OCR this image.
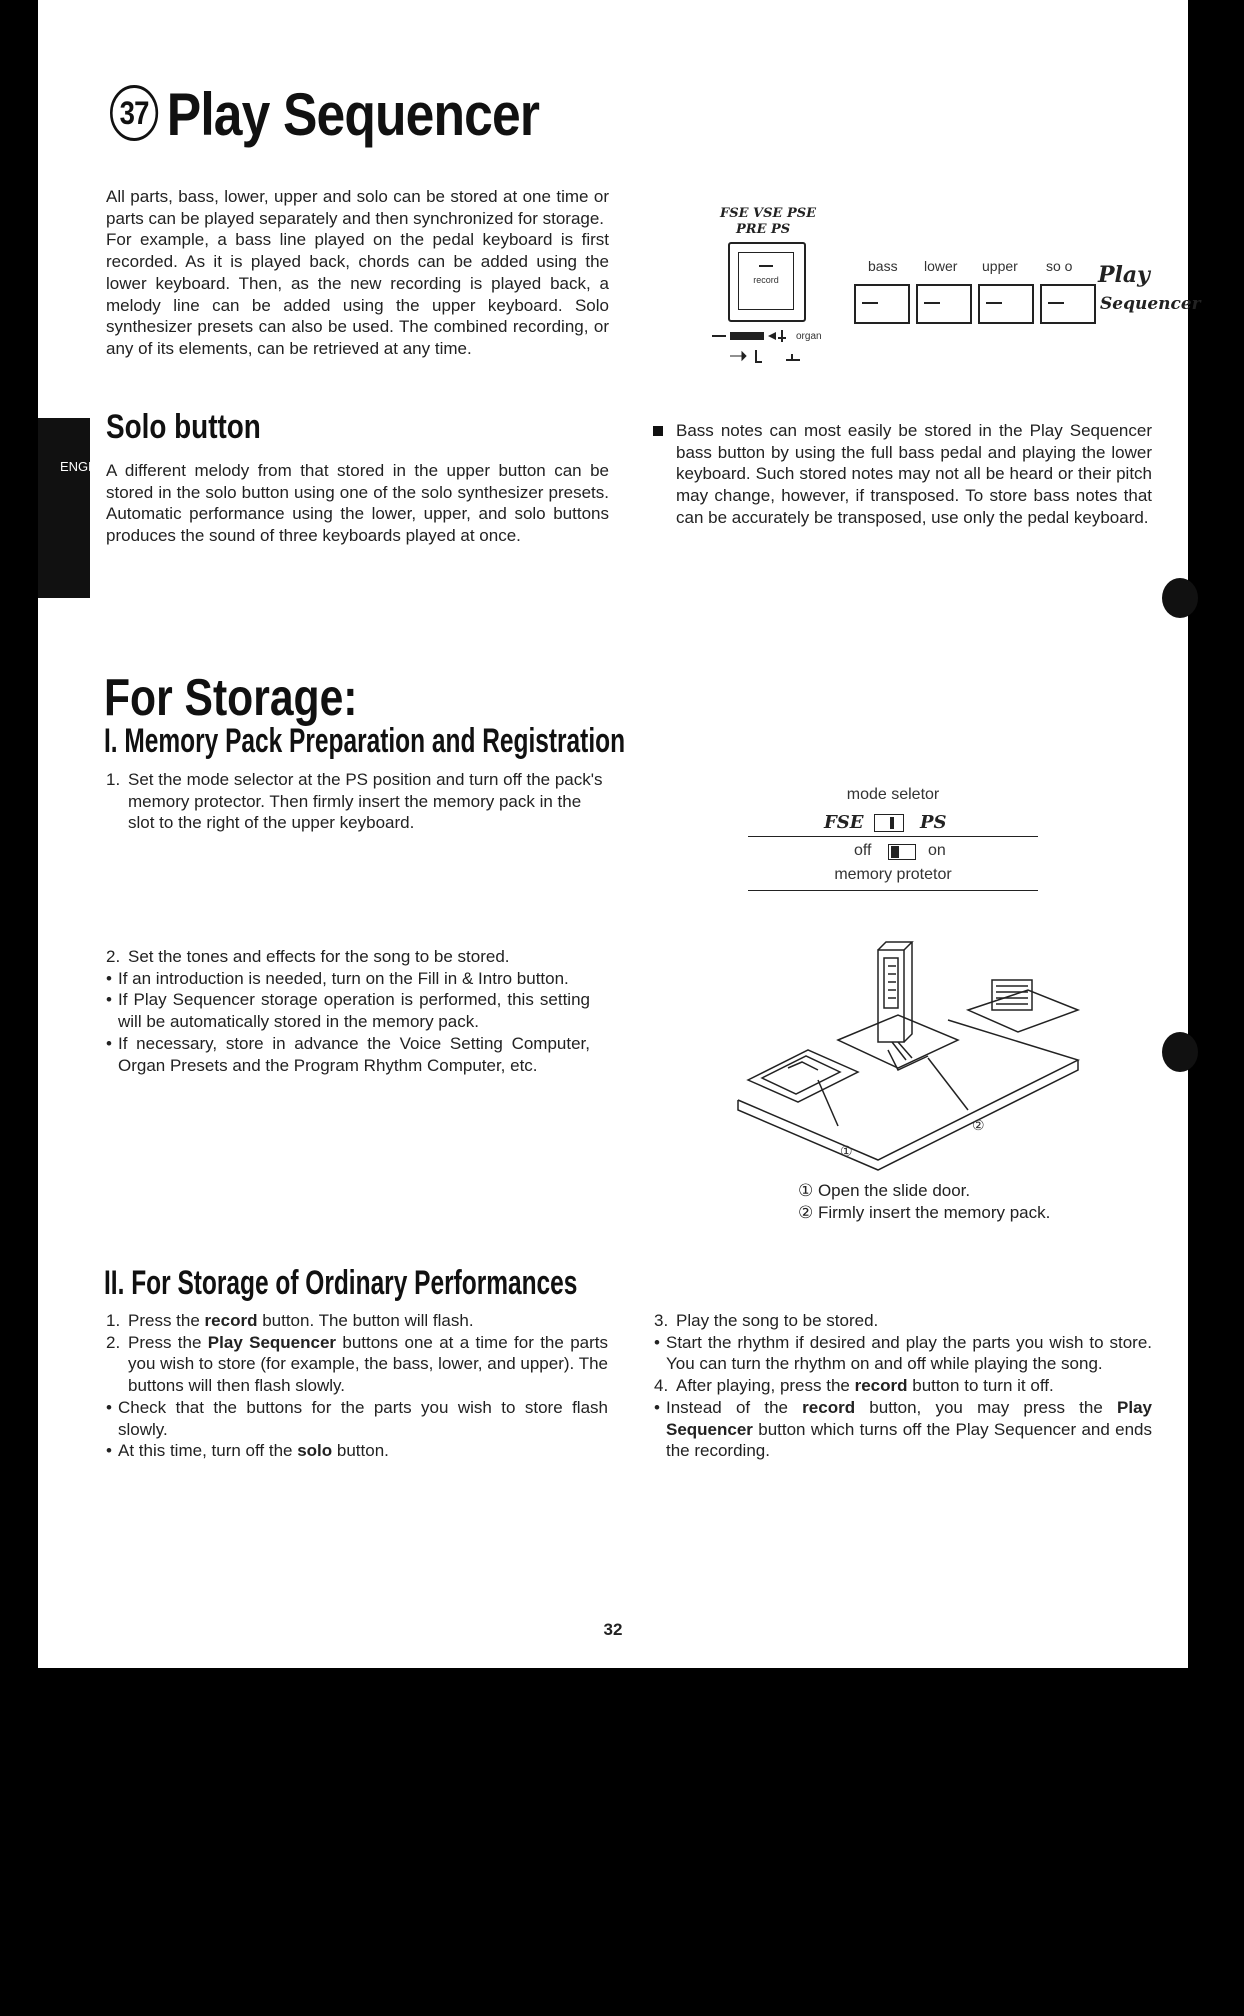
37 Play Sequencer

All parts, bass, lower, upper and solo can be stored at one time or parts can be played separately and then synchronized for storage.

For example, a bass line played on the pedal keyboard is first recorded. As it is played back, chords can be added using the lower keyboard. Then, as the new recording is played back, a melody line can be added using the upper keyboard. Solo synthesizer presets can also be used. The combined recording, or any of its elements, can be retrieved at any time.

FSE VSE PSE
PRE PS
record
organ
bass lower upper so o Play
Sequencer
ENGLISH
Solo button

A different melody from that stored in the upper button can be stored in the solo button using one of the solo synthesizer presets. Automatic performance using the lower, upper, and solo buttons produces the sound of three keyboards played at once.

Bass notes can most easily be stored in the Play Sequencer bass button by using the full bass pedal and playing the lower keyboard. Such stored notes may not all be heard or their pitch may change, however, if transposed. To store bass notes that can be accurately be transposed, use only the pedal keyboard.

For Storage:
I. Memory Pack Preparation and Registration
1. Set the mode selector at the PS position and turn off the pack's memory protector. Then firmly insert the memory pack in the slot to the right of the upper keyboard.
mode seletor
FSE	PS
off	on
memory protetor
2. Set the tones and effects for the song to be stored.
• If an introduction is needed, turn on the Fill in & Intro button.
• If Play Sequencer storage operation is performed, this setting will be automatically stored in the memory pack.
• If necessary, store in advance the Voice Setting Computer, Organ Presets and the Program Rhythm Computer, etc.
①
②

① Open the slide door.

② Firmly insert the memory pack.

II. For Storage of Ordinary Performances
1. Press the record button. The button will flash.
2. Press the Play Sequencer buttons one at a time for the parts you wish to store (for example, the bass, lower, and upper). The buttons will then flash slowly.
• Check that the buttons for the parts you wish to store flash slowly.
• At this time, turn off the solo button.
3. Play the song to be stored.
• Start the rhythm if desired and play the parts you wish to store. You can turn the rhythm on and off while playing the song.
4. After playing, press the record button to turn it off.
• Instead of the record button, you may press the Play Sequencer button which turns off the Play Sequencer and ends the recording.
32
